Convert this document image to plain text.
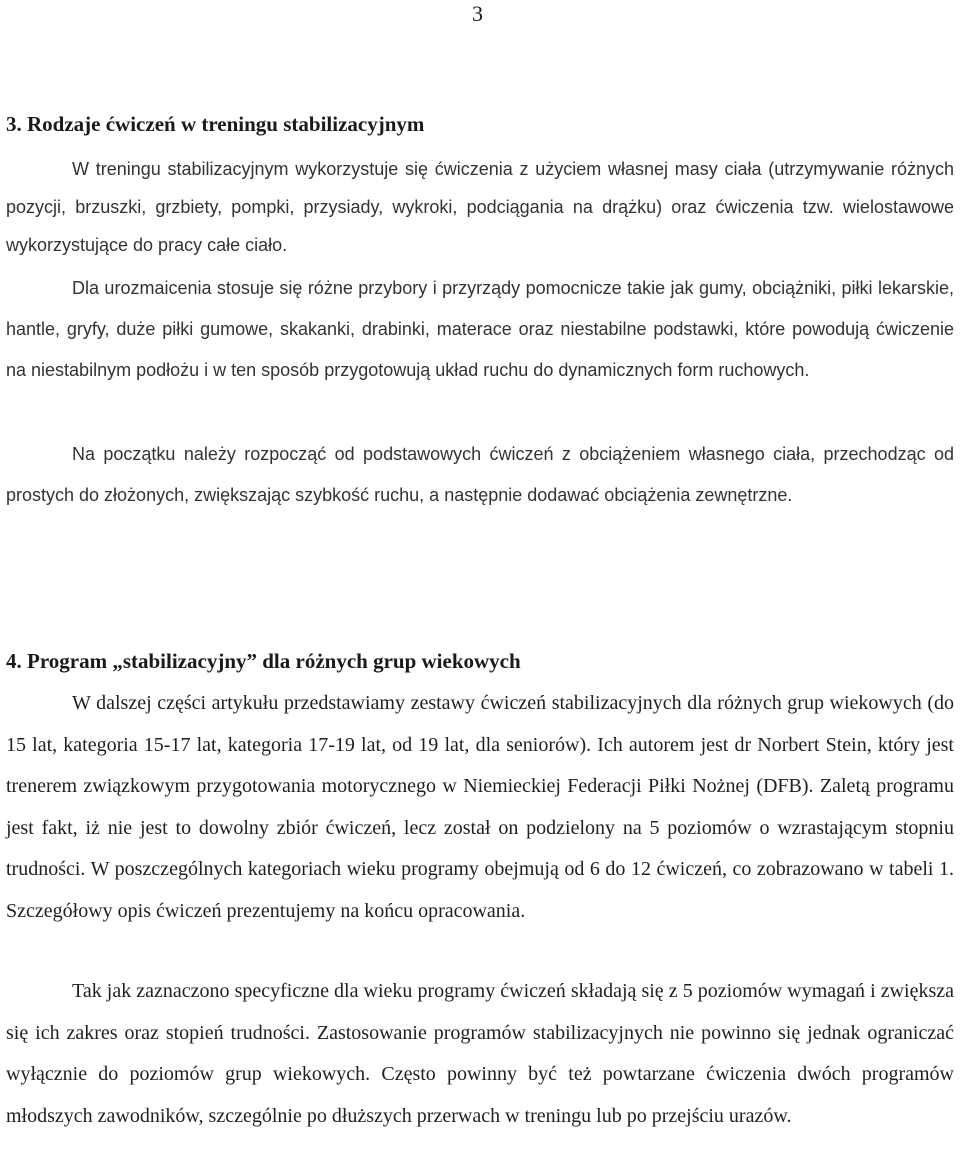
3
3. Rodzaje ćwiczeń w treningu stabilizacyjnym

W treningu stabilizacyjnym wykorzystuje się ćwiczenia z użyciem własnej masy ciała (utrzymywanie różnych pozycji, brzuszki, grzbiety, pompki, przysiady, wykroki, podciągania na drążku) oraz ćwiczenia tzw. wielostawowe wykorzystujące do pracy całe ciało.

Dla urozmaicenia stosuje się różne przybory i przyrządy pomocnicze takie jak gumy, obciążniki, piłki lekarskie, hantle, gryfy, duże piłki gumowe, skakanki, drabinki, materace oraz niestabilne podstawki, które powodują ćwiczenie na niestabilnym podłożu i w ten sposób przygotowują układ ruchu do dynamicznych form ruchowych.

Na początku należy rozpocząć od podstawowych ćwiczeń z obciążeniem własnego ciała, przechodząc od prostych do złożonych, zwiększając szybkość ruchu, a następnie dodawać obciążenia zewnętrzne.

4. Program „stabilizacyjny” dla różnych grup wiekowych

W dalszej części artykułu przedstawiamy zestawy ćwiczeń stabilizacyjnych dla różnych grup wiekowych (do 15 lat, kategoria 15-17 lat, kategoria 17-19 lat, od 19 lat, dla seniorów). Ich autorem jest dr Norbert Stein, który jest trenerem związkowym przygotowania motorycznego w Niemieckiej Federacji Piłki Nożnej (DFB). Zaletą programu jest fakt, iż nie jest to dowolny zbiór ćwiczeń, lecz został on podzielony na 5 poziomów o wzrastającym stopniu trudności. W poszczególnych kategoriach wieku programy obejmują od 6 do 12 ćwiczeń, co zobrazowano w tabeli 1. Szczegółowy opis ćwiczeń prezentujemy na końcu opracowania.

Tak jak zaznaczono specyficzne dla wieku programy ćwiczeń składają się z 5 poziomów wymagań i zwiększa się ich zakres oraz stopień trudności. Zastosowanie programów stabilizacyjnych nie powinno się jednak ograniczać wyłącznie do poziomów grup wiekowych. Często powinny być też powtarzane ćwiczenia dwóch programów młodszych zawodników, szczególnie po dłuższych przerwach w treningu lub po przejściu urazów.
